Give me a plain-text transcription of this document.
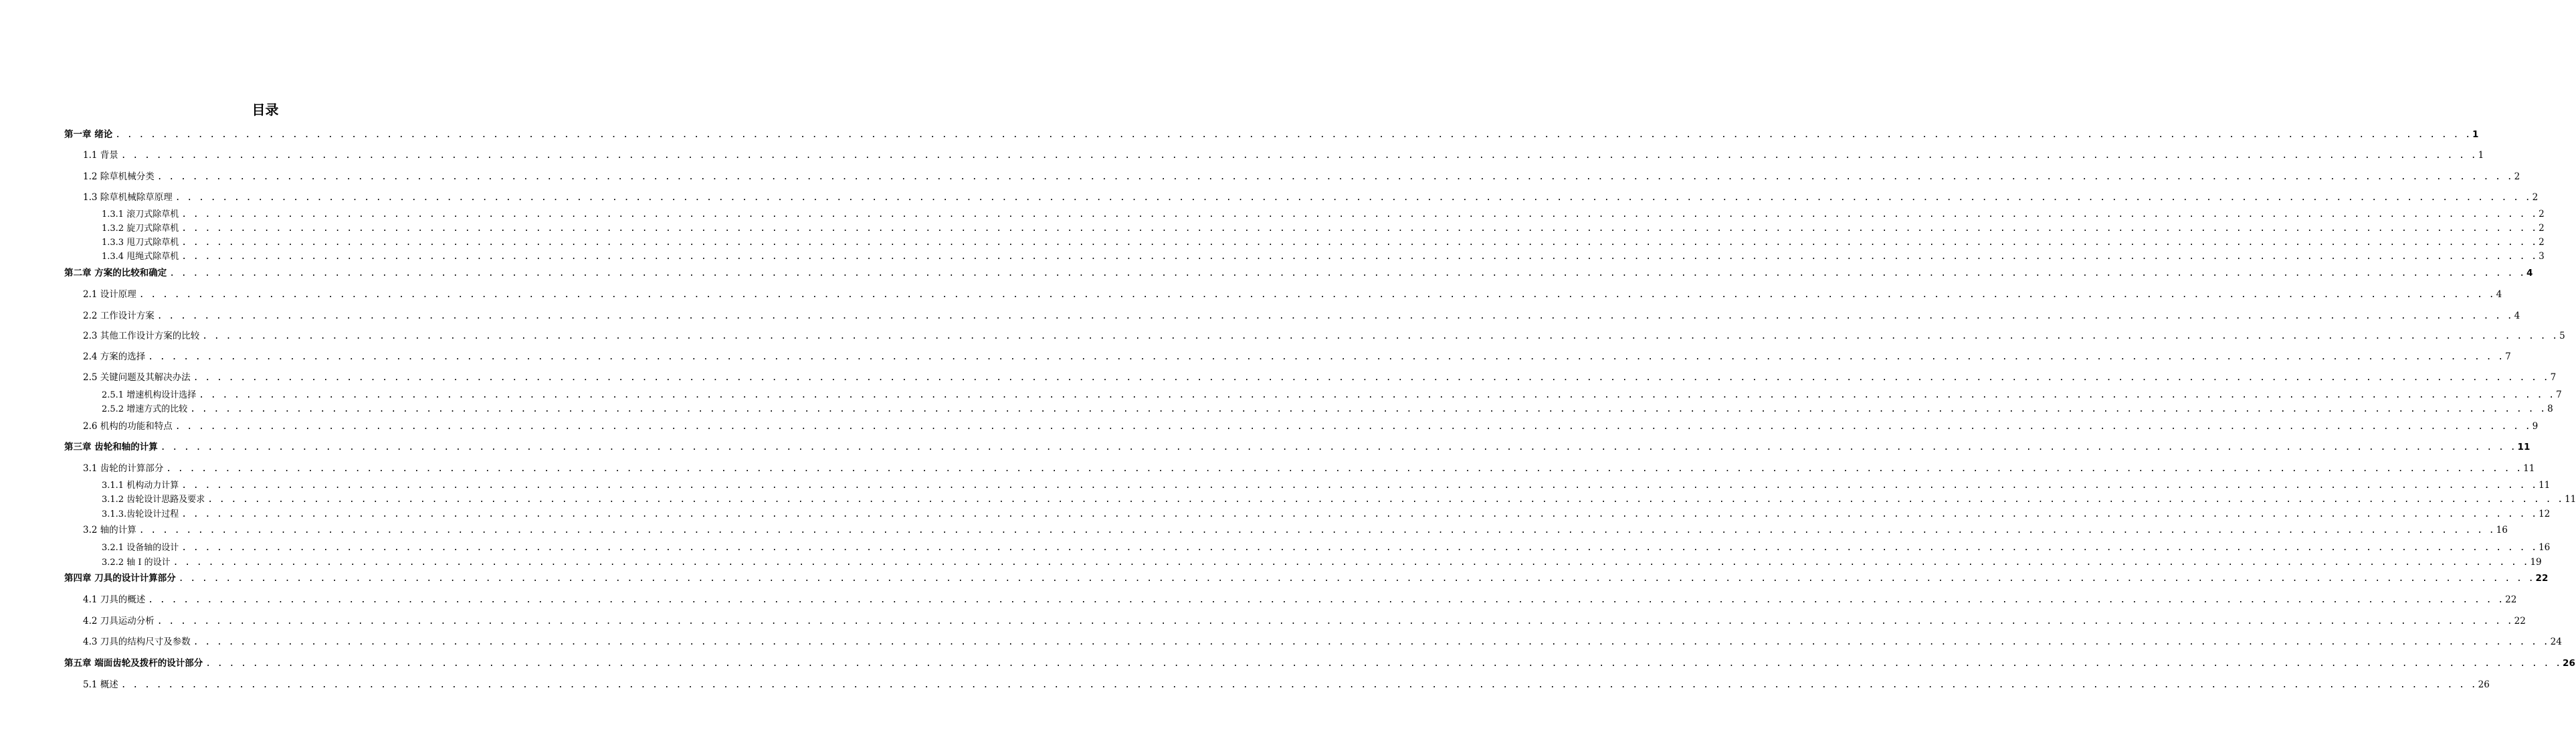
目录
第一章 绪论 . . . . . . . . . . . . . . . . . . . . . . . . . . . . . . . . . . . . . . . . . . . . . . . . . . . . . . . . . . . . . . . . . . . . . . . . . . . . . . . . . . . . . . . . . . . . . . . . . . . . . . . . . . . . . . . . . . . . . . . . . . . . . . . . . . . . . . . . . . . . . . . . . . . . . . . . . . . . . . . . . . . . . . . . . . . . . . . . . . . . . . . . . . . . . . . . . . . . . . . . 1
1.1 背景 . . . . . . . . . . . . . . . . . . . . . . . . . . . . . . . . . . . . . . . . . . . . . . . . . . . . . . . . . . . . . . . . . . . . . . . . . . . . . . . . . . . . . . . . . . . . . . . . . . . . . . . . . . . . . . . . . . . . . . . . . . . . . . . . . . . . . . . . . . . . . . . . . . . . . . . . . . . . . . . . . . . . . . . . . . . . . . . . . . . . . . . . . . . . . . . . . . . . . . . . 1
1.2 除草机械分类 . . . . . . . . . . . . . . . . . . . . . . . . . . . . . . . . . . . . . . . . . . . . . . . . . . . . . . . . . . . . . . . . . . . . . . . . . . . . . . . . . . . . . . . . . . . . . . . . . . . . . . . . . . . . . . . . . . . . . . . . . . . . . . . . . . . . . . . . . . . . . . . . . . . . . . . . . . . . . . . . . . . . . . . . . . . . . . . . . . . . . . . . . . . . . . . . . . . . . . . . 2
1.3 除草机械除草原理 . . . . . . . . . . . . . . . . . . . . . . . . . . . . . . . . . . . . . . . . . . . . . . . . . . . . . . . . . . . . . . . . . . . . . . . . . . . . . . . . . . . . . . . . . . . . . . . . . . . . . . . . . . . . . . . . . . . . . . . . . . . . . . . . . . . . . . . . . . . . . . . . . . . . . . . . . . . . . . . . . . . . . . . . . . . . . . . . . . . . . . . . . . . . . . . . . . . . . . . . 2
1.3.1 滚刀式除草机 . . . . . . . . . . . . . . . . . . . . . . . . . . . . . . . . . . . . . . . . . . . . . . . . . . . . . . . . . . . . . . . . . . . . . . . . . . . . . . . . . . . . . . . . . . . . . . . . . . . . . . . . . . . . . . . . . . . . . . . . . . . . . . . . . . . . . . . . . . . . . . . . . . . . . . . . . . . . . . . . . . . . . . . . . . . . . . . . . . . . . . . . . . . . . . . . . . . . . . . . 2
1.3.2 旋刀式除草机 . . . . . . . . . . . . . . . . . . . . . . . . . . . . . . . . . . . . . . . . . . . . . . . . . . . . . . . . . . . . . . . . . . . . . . . . . . . . . . . . . . . . . . . . . . . . . . . . . . . . . . . . . . . . . . . . . . . . . . . . . . . . . . . . . . . . . . . . . . . . . . . . . . . . . . . . . . . . . . . . . . . . . . . . . . . . . . . . . . . . . . . . . . . . . . . . . . . . . . . . 2
1.3.3 甩刀式除草机 . . . . . . . . . . . . . . . . . . . . . . . . . . . . . . . . . . . . . . . . . . . . . . . . . . . . . . . . . . . . . . . . . . . . . . . . . . . . . . . . . . . . . . . . . . . . . . . . . . . . . . . . . . . . . . . . . . . . . . . . . . . . . . . . . . . . . . . . . . . . . . . . . . . . . . . . . . . . . . . . . . . . . . . . . . . . . . . . . . . . . . . . . . . . . . . . . . . . . . . . 2
1.3.4 甩绳式除草机 . . . . . . . . . . . . . . . . . . . . . . . . . . . . . . . . . . . . . . . . . . . . . . . . . . . . . . . . . . . . . . . . . . . . . . . . . . . . . . . . . . . . . . . . . . . . . . . . . . . . . . . . . . . . . . . . . . . . . . . . . . . . . . . . . . . . . . . . . . . . . . . . . . . . . . . . . . . . . . . . . . . . . . . . . . . . . . . . . . . . . . . . . . . . . . . . . . . . . . . . 3
第二章 方案的比较和确定 . . . . . . . . . . . . . . . . . . . . . . . . . . . . . . . . . . . . . . . . . . . . . . . . . . . . . . . . . . . . . . . . . . . . . . . . . . . . . . . . . . . . . . . . . . . . . . . . . . . . . . . . . . . . . . . . . . . . . . . . . . . . . . . . . . . . . . . . . . . . . . . . . . . . . . . . . . . . . . . . . . . . . . . . . . . . . . . . . . . . . . . . . . . . . . . . . . . . . . . . 4
2.1 设计原理 . . . . . . . . . . . . . . . . . . . . . . . . . . . . . . . . . . . . . . . . . . . . . . . . . . . . . . . . . . . . . . . . . . . . . . . . . . . . . . . . . . . . . . . . . . . . . . . . . . . . . . . . . . . . . . . . . . . . . . . . . . . . . . . . . . . . . . . . . . . . . . . . . . . . . . . . . . . . . . . . . . . . . . . . . . . . . . . . . . . . . . . . . . . . . . . . . . . . . . . . 4
2.2 工作设计方案 . . . . . . . . . . . . . . . . . . . . . . . . . . . . . . . . . . . . . . . . . . . . . . . . . . . . . . . . . . . . . . . . . . . . . . . . . . . . . . . . . . . . . . . . . . . . . . . . . . . . . . . . . . . . . . . . . . . . . . . . . . . . . . . . . . . . . . . . . . . . . . . . . . . . . . . . . . . . . . . . . . . . . . . . . . . . . . . . . . . . . . . . . . . . . . . . . . . . . . . . 4
2.3 其他工作设计方案的比较 . . . . . . . . . . . . . . . . . . . . . . . . . . . . . . . . . . . . . . . . . . . . . . . . . . . . . . . . . . . . . . . . . . . . . . . . . . . . . . . . . . . . . . . . . . . . . . . . . . . . . . . . . . . . . . . . . . . . . . . . . . . . . . . . . . . . . . . . . . . . . . . . . . . . . . . . . . . . . . . . . . . . . . . . . . . . . . . . . . . . . . . . . . . . . . . . . . . . . . . . 5
2.4 方案的选择 . . . . . . . . . . . . . . . . . . . . . . . . . . . . . . . . . . . . . . . . . . . . . . . . . . . . . . . . . . . . . . . . . . . . . . . . . . . . . . . . . . . . . . . . . . . . . . . . . . . . . . . . . . . . . . . . . . . . . . . . . . . . . . . . . . . . . . . . . . . . . . . . . . . . . . . . . . . . . . . . . . . . . . . . . . . . . . . . . . . . . . . . . . . . . . . . . . . . . . . . 7
2.5 关键问题及其解决办法 . . . . . . . . . . . . . . . . . . . . . . . . . . . . . . . . . . . . . . . . . . . . . . . . . . . . . . . . . . . . . . . . . . . . . . . . . . . . . . . . . . . . . . . . . . . . . . . . . . . . . . . . . . . . . . . . . . . . . . . . . . . . . . . . . . . . . . . . . . . . . . . . . . . . . . . . . . . . . . . . . . . . . . . . . . . . . . . . . . . . . . . . . . . . . . . . . . . . . . . . 7
2.5.1 增速机构设计选择 . . . . . . . . . . . . . . . . . . . . . . . . . . . . . . . . . . . . . . . . . . . . . . . . . . . . . . . . . . . . . . . . . . . . . . . . . . . . . . . . . . . . . . . . . . . . . . . . . . . . . . . . . . . . . . . . . . . . . . . . . . . . . . . . . . . . . . . . . . . . . . . . . . . . . . . . . . . . . . . . . . . . . . . . . . . . . . . . . . . . . . . . . . . . . . . . . . . . . . . . 7
2.5.2 增速方式的比较 . . . . . . . . . . . . . . . . . . . . . . . . . . . . . . . . . . . . . . . . . . . . . . . . . . . . . . . . . . . . . . . . . . . . . . . . . . . . . . . . . . . . . . . . . . . . . . . . . . . . . . . . . . . . . . . . . . . . . . . . . . . . . . . . . . . . . . . . . . . . . . . . . . . . . . . . . . . . . . . . . . . . . . . . . . . . . . . . . . . . . . . . . . . . . . . . . . . . . . . . 8
2.6 机构的功能和特点 . . . . . . . . . . . . . . . . . . . . . . . . . . . . . . . . . . . . . . . . . . . . . . . . . . . . . . . . . . . . . . . . . . . . . . . . . . . . . . . . . . . . . . . . . . . . . . . . . . . . . . . . . . . . . . . . . . . . . . . . . . . . . . . . . . . . . . . . . . . . . . . . . . . . . . . . . . . . . . . . . . . . . . . . . . . . . . . . . . . . . . . . . . . . . . . . . . . . . . . . 9
第三章 齿轮和轴的计算 . . . . . . . . . . . . . . . . . . . . . . . . . . . . . . . . . . . . . . . . . . . . . . . . . . . . . . . . . . . . . . . . . . . . . . . . . . . . . . . . . . . . . . . . . . . . . . . . . . . . . . . . . . . . . . . . . . . . . . . . . . . . . . . . . . . . . . . . . . . . . . . . . . . . . . . . . . . . . . . . . . . . . . . . . . . . . . . . . . . . . . . . . . . . . . . . . . . . . . . . 11
3.1 齿轮的计算部分 . . . . . . . . . . . . . . . . . . . . . . . . . . . . . . . . . . . . . . . . . . . . . . . . . . . . . . . . . . . . . . . . . . . . . . . . . . . . . . . . . . . . . . . . . . . . . . . . . . . . . . . . . . . . . . . . . . . . . . . . . . . . . . . . . . . . . . . . . . . . . . . . . . . . . . . . . . . . . . . . . . . . . . . . . . . . . . . . . . . . . . . . . . . . . . . . . . . . . . . . 11
3.1.1 机构动力计算 . . . . . . . . . . . . . . . . . . . . . . . . . . . . . . . . . . . . . . . . . . . . . . . . . . . . . . . . . . . . . . . . . . . . . . . . . . . . . . . . . . . . . . . . . . . . . . . . . . . . . . . . . . . . . . . . . . . . . . . . . . . . . . . . . . . . . . . . . . . . . . . . . . . . . . . . . . . . . . . . . . . . . . . . . . . . . . . . . . . . . . . . . . . . . . . . . . . . . . . . 11
3.1.2 齿轮设计思路及要求 . . . . . . . . . . . . . . . . . . . . . . . . . . . . . . . . . . . . . . . . . . . . . . . . . . . . . . . . . . . . . . . . . . . . . . . . . . . . . . . . . . . . . . . . . . . . . . . . . . . . . . . . . . . . . . . . . . . . . . . . . . . . . . . . . . . . . . . . . . . . . . . . . . . . . . . . . . . . . . . . . . . . . . . . . . . . . . . . . . . . . . . . . . . . . . . . . . . . . . . . 11
3.1.3.齿轮设计过程 . . . . . . . . . . . . . . . . . . . . . . . . . . . . . . . . . . . . . . . . . . . . . . . . . . . . . . . . . . . . . . . . . . . . . . . . . . . . . . . . . . . . . . . . . . . . . . . . . . . . . . . . . . . . . . . . . . . . . . . . . . . . . . . . . . . . . . . . . . . . . . . . . . . . . . . . . . . . . . . . . . . . . . . . . . . . . . . . . . . . . . . . . . . . . . . . . . . . . . . . 12
3.2 轴的计算 . . . . . . . . . . . . . . . . . . . . . . . . . . . . . . . . . . . . . . . . . . . . . . . . . . . . . . . . . . . . . . . . . . . . . . . . . . . . . . . . . . . . . . . . . . . . . . . . . . . . . . . . . . . . . . . . . . . . . . . . . . . . . . . . . . . . . . . . . . . . . . . . . . . . . . . . . . . . . . . . . . . . . . . . . . . . . . . . . . . . . . . . . . . . . . . . . . . . . . . . 16
3.2.1 设备轴的设计 . . . . . . . . . . . . . . . . . . . . . . . . . . . . . . . . . . . . . . . . . . . . . . . . . . . . . . . . . . . . . . . . . . . . . . . . . . . . . . . . . . . . . . . . . . . . . . . . . . . . . . . . . . . . . . . . . . . . . . . . . . . . . . . . . . . . . . . . . . . . . . . . . . . . . . . . . . . . . . . . . . . . . . . . . . . . . . . . . . . . . . . . . . . . . . . . . . . . . . . . 16
3.2.2 轴 I 的设计 . . . . . . . . . . . . . . . . . . . . . . . . . . . . . . . . . . . . . . . . . . . . . . . . . . . . . . . . . . . . . . . . . . . . . . . . . . . . . . . . . . . . . . . . . . . . . . . . . . . . . . . . . . . . . . . . . . . . . . . . . . . . . . . . . . . . . . . . . . . . . . . . . . . . . . . . . . . . . . . . . . . . . . . . . . . . . . . . . . . . . . . . . . . . . . . . . . . . . . . . 19
第四章 刀具的设计计算部分 . . . . . . . . . . . . . . . . . . . . . . . . . . . . . . . . . . . . . . . . . . . . . . . . . . . . . . . . . . . . . . . . . . . . . . . . . . . . . . . . . . . . . . . . . . . . . . . . . . . . . . . . . . . . . . . . . . . . . . . . . . . . . . . . . . . . . . . . . . . . . . . . . . . . . . . . . . . . . . . . . . . . . . . . . . . . . . . . . . . . . . . . . . . . . . . . . . . . . . . . 22
4.1 刀具的概述 . . . . . . . . . . . . . . . . . . . . . . . . . . . . . . . . . . . . . . . . . . . . . . . . . . . . . . . . . . . . . . . . . . . . . . . . . . . . . . . . . . . . . . . . . . . . . . . . . . . . . . . . . . . . . . . . . . . . . . . . . . . . . . . . . . . . . . . . . . . . . . . . . . . . . . . . . . . . . . . . . . . . . . . . . . . . . . . . . . . . . . . . . . . . . . . . . . . . . . . . 22
4.2 刀具运动分析 . . . . . . . . . . . . . . . . . . . . . . . . . . . . . . . . . . . . . . . . . . . . . . . . . . . . . . . . . . . . . . . . . . . . . . . . . . . . . . . . . . . . . . . . . . . . . . . . . . . . . . . . . . . . . . . . . . . . . . . . . . . . . . . . . . . . . . . . . . . . . . . . . . . . . . . . . . . . . . . . . . . . . . . . . . . . . . . . . . . . . . . . . . . . . . . . . . . . . . . . 22
4.3 刀具的结构尺寸及参数 . . . . . . . . . . . . . . . . . . . . . . . . . . . . . . . . . . . . . . . . . . . . . . . . . . . . . . . . . . . . . . . . . . . . . . . . . . . . . . . . . . . . . . . . . . . . . . . . . . . . . . . . . . . . . . . . . . . . . . . . . . . . . . . . . . . . . . . . . . . . . . . . . . . . . . . . . . . . . . . . . . . . . . . . . . . . . . . . . . . . . . . . . . . . . . . . . . . . . . . . 24
第五章 端面齿轮及拨杆的设计部分 . . . . . . . . . . . . . . . . . . . . . . . . . . . . . . . . . . . . . . . . . . . . . . . . . . . . . . . . . . . . . . . . . . . . . . . . . . . . . . . . . . . . . . . . . . . . . . . . . . . . . . . . . . . . . . . . . . . . . . . . . . . . . . . . . . . . . . . . . . . . . . . . . . . . . . . . . . . . . . . . . . . . . . . . . . . . . . . . . . . . . . . . . . . . . . . . . . . . . . . . 26
5.1 概述 . . . . . . . . . . . . . . . . . . . . . . . . . . . . . . . . . . . . . . . . . . . . . . . . . . . . . . . . . . . . . . . . . . . . . . . . . . . . . . . . . . . . . . . . . . . . . . . . . . . . . . . . . . . . . . . . . . . . . . . . . . . . . . . . . . . . . . . . . . . . . . . . . . . . . . . . . . . . . . . . . . . . . . . . . . . . . . . . . . . . . . . . . . . . . . . . . . . . . . . . 26
